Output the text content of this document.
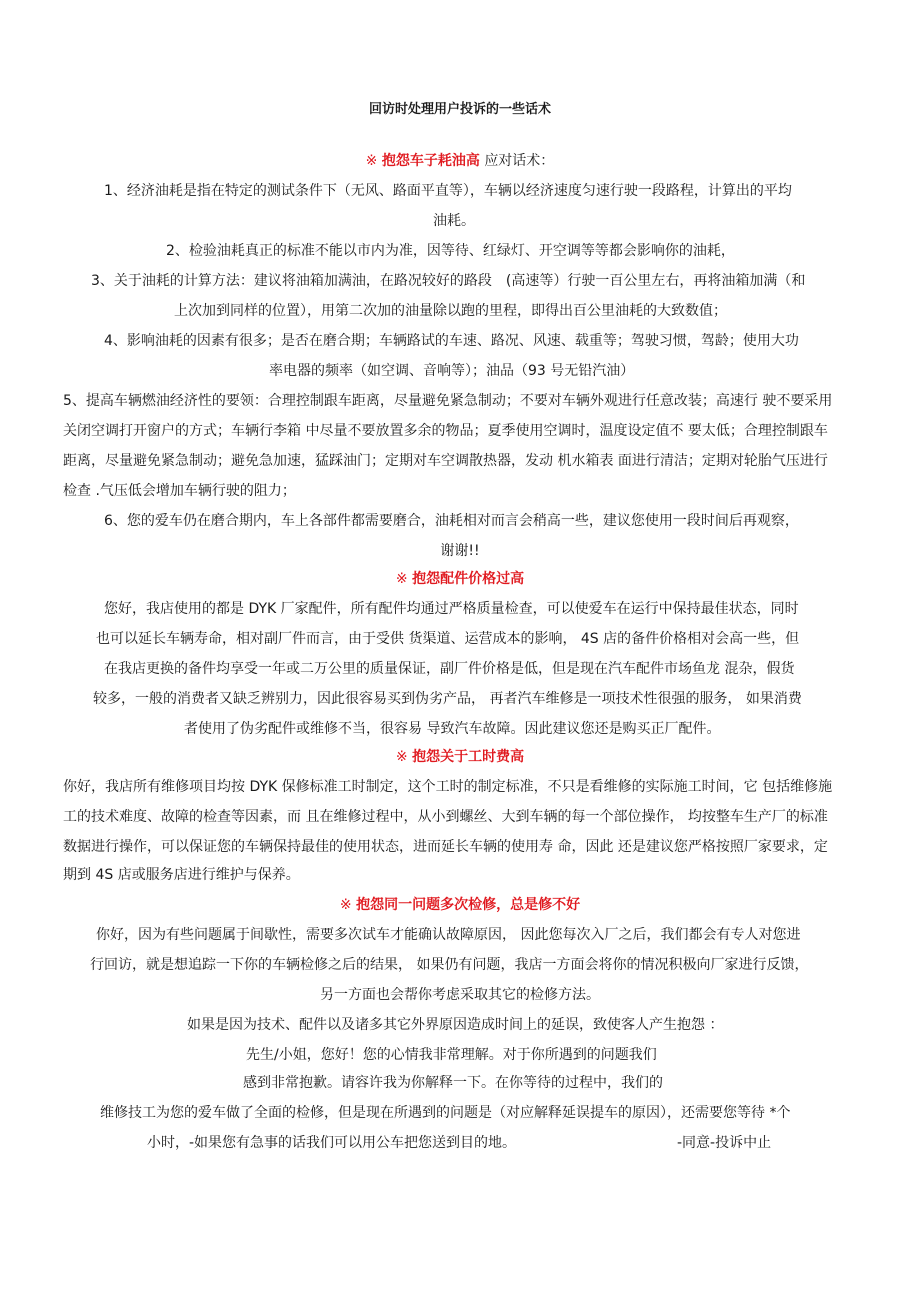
回访时处理用户投诉的一些话术
※ 抱怨车子耗油高 应对话术：
1、经济油耗是指在特定的测试条件下（无风、路面平直等），车辆以经济速度匀速行驶一段路程，计算出的平均
油耗。
2、检验油耗真正的标准不能以市内为准，因等待、红绿灯、开空调等等都会影响你的油耗，
3、关于油耗的计算方法：建议将油箱加满油，在路况较好的路段　(高速等）行驶一百公里左右，再将油箱加满（和
上次加到同样的位置），用第二次加的油量除以跑的里程，即得出百公里油耗的大致数值；
4、影响油耗的因素有很多；是否在磨合期；车辆路试的车速、路况、风速、载重等；驾驶习惯，驾龄；使用大功
率电器的频率（如空调、音响等）；油品（93 号无铅汽油）
5、提高车辆燃油经济性的要领：合理控制跟车距离，尽量避免紧急制动；不要对车辆外观进行任意改装；高速行 驶不要采用
关闭空调打开窗户的方式；车辆行李箱 中尽量不要放置多余的物品；夏季使用空调时，温度设定值不 要太低；合理控制跟车
距离，尽量避免紧急制动；避免急加速，猛踩油门；定期对车空调散热器，发动 机水箱表 面进行清洁；定期对轮胎气压进行
检查 .气压低会增加车辆行驶的阻力；
6、您的爱车仍在磨合期内，车上各部件都需要磨合，油耗相对而言会稍高一些，建议您使用一段时间后再观察，
谢谢!!
※ 抱怨配件价格过高
您好，我店使用的都是 DYK 厂家配件，所有配件均通过严格质量检查，可以使爱车在运行中保持最佳状态，同时
也可以延长车辆寿命，相对副厂件而言，由于受供 货渠道、运营成本的影响， 4S 店的备件价格相对会高一些，但
在我店更换的备件均享受一年或二万公里的质量保证，副厂件价格是低，但是现在汽车配件市场鱼龙 混杂，假货
较多，一般的消费者又缺乏辨别力，因此很容易买到伪劣产品， 再者汽车维修是一项技术性很强的服务， 如果消费
者使用了伪劣配件或维修不当，很容易 导致汽车故障。因此建议您还是购买正厂配件。
※ 抱怨关于工时费高
你好，我店所有维修项目均按 DYK 保修标准工时制定，这个工时的制定标准，不只是看维修的实际施工时间，它 包括维修施
工的技术难度、故障的检查等因素，而 且在维修过程中，从小到螺丝、大到车辆的每一个部位操作， 均按整车生产厂的标准
数据进行操作，可以保证您的车辆保持最佳的使用状态，进而延长车辆的使用寿 命，因此 还是建议您严格按照厂家要求，定
期到 4S 店或服务店进行维护与保养。
※ 抱怨同一问题多次检修，总是修不好
你好，因为有些问题属于间歇性，需要多次试车才能确认故障原因， 因此您每次入厂之后，我们都会有专人对您进
行回访，就是想追踪一下你的车辆检修之后的结果， 如果仍有问题，我店一方面会将你的情况积极向厂家进行反馈，
另一方面也会帮你考虑采取其它的检修方法。
如果是因为技术、配件以及诸多其它外界原因造成时间上的延误，致使客人产生抱怨 ：
先生/小姐，您好！您的心情我非常理解。对于你所遇到的问题我们
感到非常抱歉。请容许我为你解释一下。在你等待的过程中，我们的
维修技工为您的爱车做了全面的检修，但是现在所遇到的问题是（对应解释延误提车的原因），还需要您等待 *个
小时，-如果您有急事的话我们可以用公车把您送到目的地。	-同意-投诉中止
